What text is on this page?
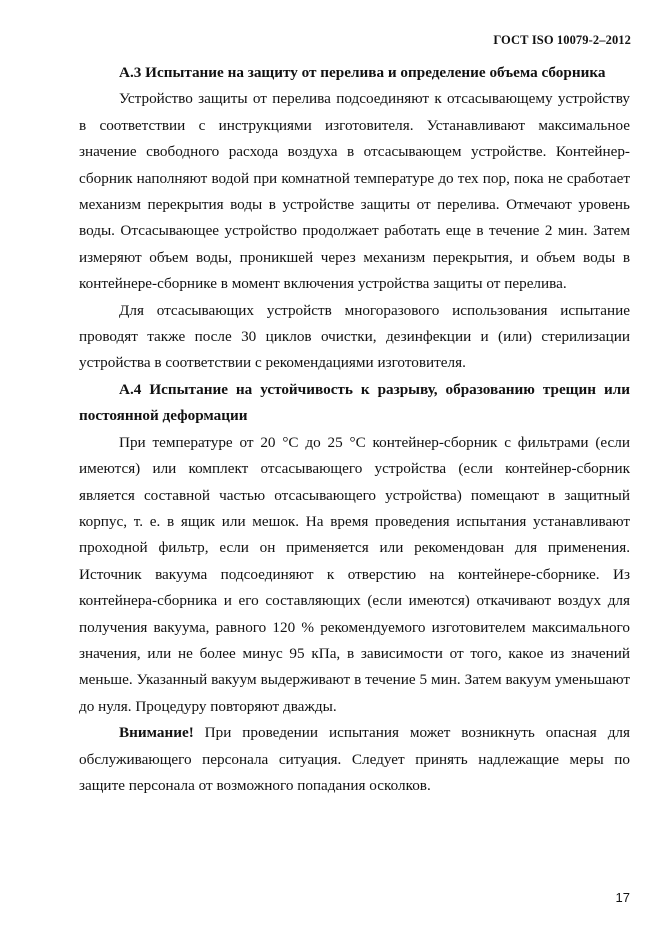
ГОСТ ISO 10079-2–2012

А.3 Испытание на защиту от перелива и определение объема сборника

Устройство защиты от перелива подсоединяют к отсасывающему устройству в соответствии с инструкциями изготовителя. Устанавливают максимальное значение свободного расхода воздуха в отсасывающем устройстве. Контейнер-сборник наполняют водой при комнатной температуре до тех пор, пока не сработает механизм перекрытия воды в устройстве защиты от перелива. Отмечают уровень воды. Отсасывающее устройство продолжает работать еще в течение 2 мин. Затем измеряют объем воды, проникшей через механизм перекрытия, и объем воды в контейнере-сборнике в момент включения устройства защиты от перелива.

Для отсасывающих устройств многоразового использования испытание проводят также после 30 циклов очистки, дезинфекции и (или) стерилизации устройства в соответствии с рекомендациями изготовителя.

А.4 Испытание на устойчивость к разрыву, образованию трещин или постоянной деформации

При температуре от 20 °С до 25 °С контейнер-сборник с фильтрами (если имеются) или комплект отсасывающего устройства (если контейнер-сборник является составной частью отсасывающего устройства) помещают в защитный корпус, т. е. в ящик или мешок. На время проведения испытания устанавливают проходной фильтр, если он применяется или рекомендован для применения. Источник вакуума подсоединяют к отверстию на контейнере-сборнике. Из контейнера-сборника и его составляющих (если имеются) откачивают воздух для получения вакуума, равного 120 % рекомендуемого изготовителем максимального значения, или не более минус 95 кПа, в зависимости от того, какое из значений меньше. Указанный вакуум выдерживают в течение 5 мин. Затем вакуум уменьшают до нуля. Процедуру повторяют дважды.

Внимание! При проведении испытания может возникнуть опасная для обслуживающего персонала ситуация. Следует принять надлежащие меры по защите персонала от возможного попадания осколков.

17
